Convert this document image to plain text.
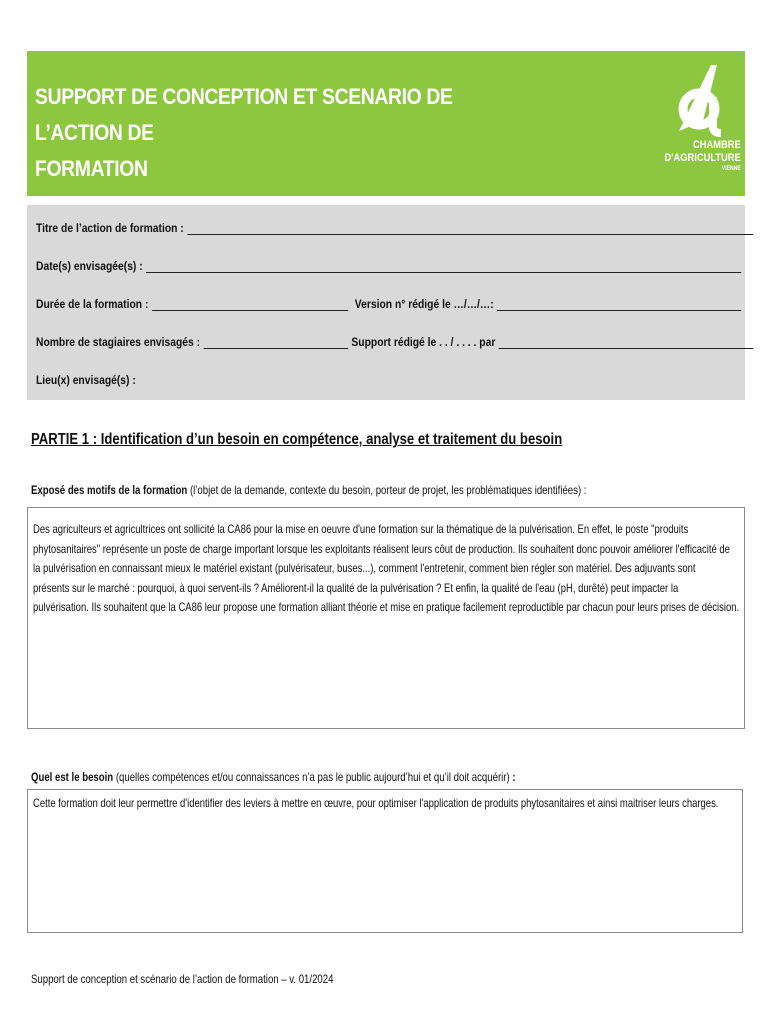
SUPPORT DE CONCEPTION ET SCENARIO DE L’ACTION DE
FORMATION
CHAMBRE
D'AGRICULTURE
VIENNE
Titre de l’action de formation :
Date(s) envisagée(s) :
Durée de la formation :	Version n° rédigé le …/…/…:
Nombre de stagiaires envisagés :	Support rédigé le . . / . . . . par
Lieu(x) envisagé(s) :
PARTIE 1 : Identification d’un besoin en compétence, analyse et traitement du besoin
Exposé des motifs de la formation (l’objet de la demande, contexte du besoin, porteur de projet, les problématiques identifiées) :
Des agriculteurs et agricultrices ont sollicité la CA86 pour la mise en oeuvre d'une formation sur la thématique de la pulvérisation. En effet, le poste "produits
phytosanitaires" représente un poste de charge important lorsque les exploitants réalisent leurs côut de production. Ils souhaitent donc pouvoir améliorer l'efficacité de
la pulvérisation en connaissant mieux le matériel existant (pulvérisateur, buses...), comment l'entretenir, comment bien régler son matériel. Des adjuvants sont
présents sur le marché : pourquoi, à quoi servent-ils ? Améliorent-il la qualité de la pulvérisation ? Et enfin, la qualité de l'eau (pH, durêté) peut impacter la
pulvérisation. Ils souhaitent que la CA86 leur propose une formation alliant théorie et mise en pratique facilement reproductible par chacun pour leurs prises de décision.
Quel est le besoin (quelles compétences et/ou connaissances n’a pas le public aujourd’hui et qu’il doit acquérir) :
Cette formation doit leur permettre d'identifier des leviers à mettre en œuvre, pour optimiser l'application de produits phytosanitaires et ainsi maitriser leurs charges.
Support de conception et scénario de l’action de formation – v. 01/2024
